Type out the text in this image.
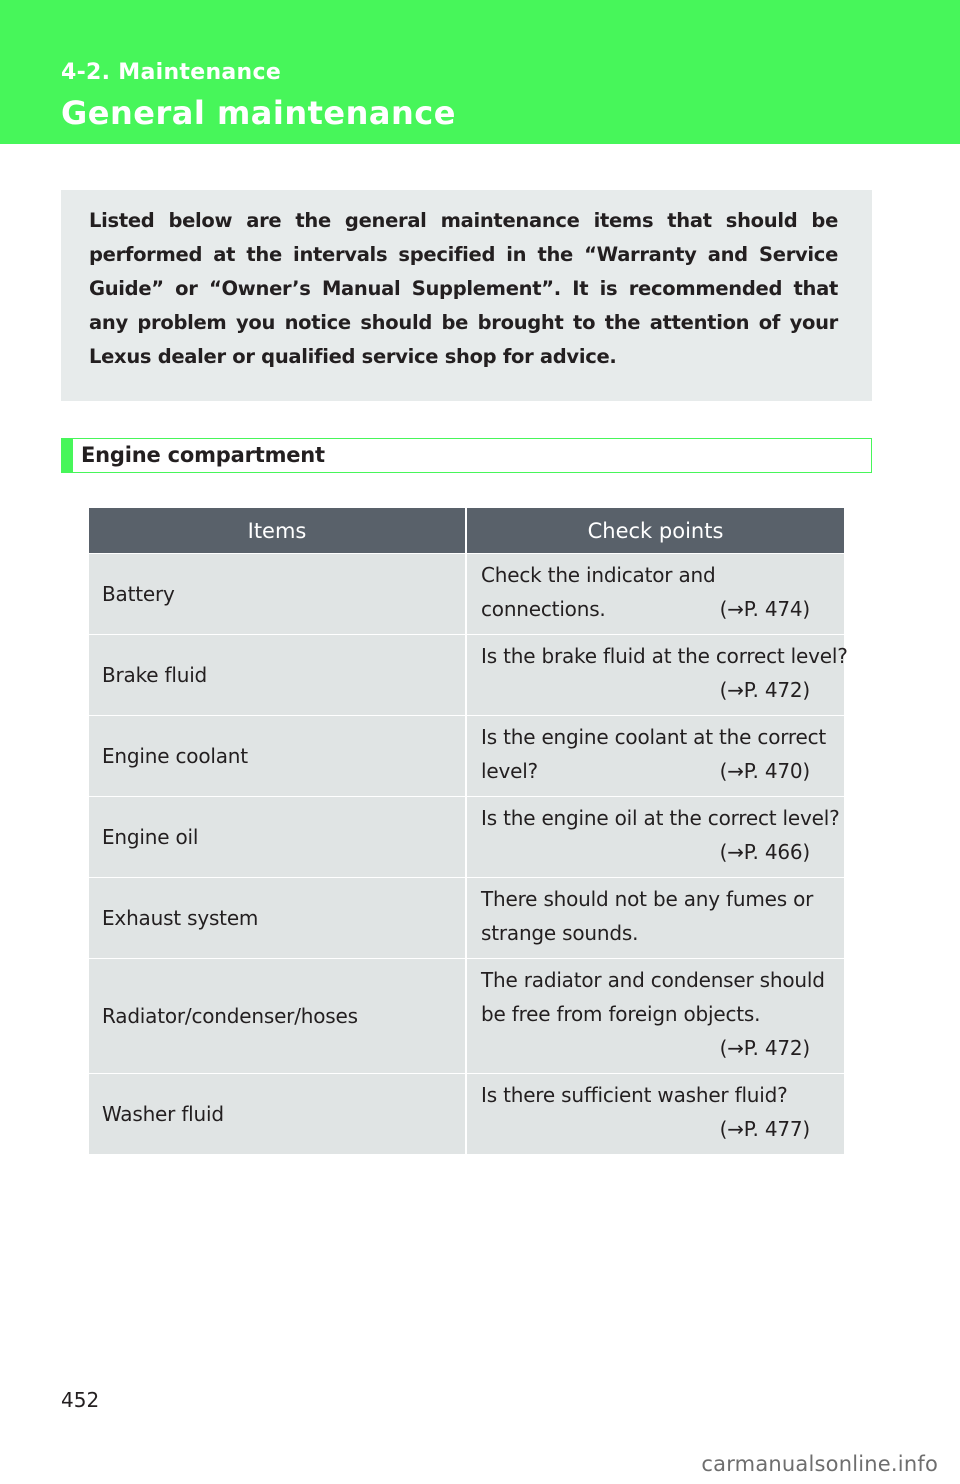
4-2. Maintenance
General maintenance

Listed below are the general maintenance items that should be performed at the intervals specified in the “Warranty and Service Guide” or “Owner’s Manual Supplement”. It is recommended that any problem you notice should be brought to the attention of your Lexus dealer or qualified service shop for advice.

Engine compartment
Items	Check points
Battery	Check the indicator and
connections. (→P. 474)

Brake fluid	Is the brake fluid at the correct level?
(→P. 472)

Engine coolant	Is the engine coolant at the correct
level? (→P. 470)

Engine oil	Is the engine oil at the correct level?
(→P. 466)

Exhaust system	There should not be any fumes or
strange sounds.

Radiator/condenser/hoses	The radiator and condenser should
be free from foreign objects.
(→P. 472)

Washer fluid	Is there sufficient washer fluid?
(→P. 477)
452
carmanualsonline.info
